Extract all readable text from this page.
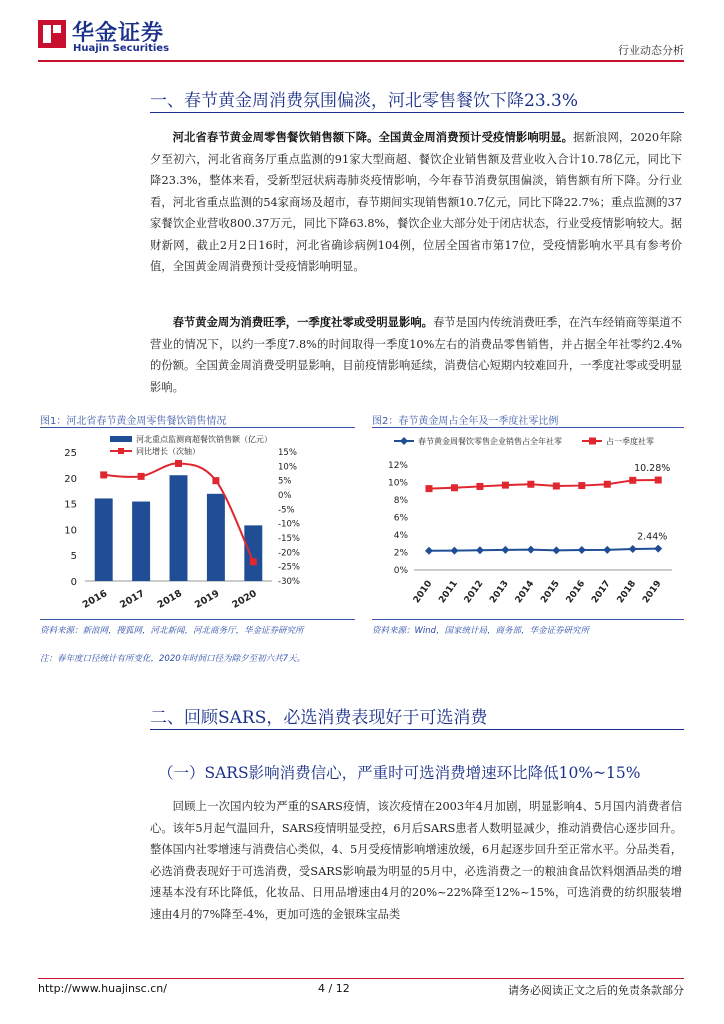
华金证券
Huajin Securities	行业动态分析
一、春节黄金周消费氛围偏淡，河北零售餐饮下降23.3%

河北省春节黄金周零售餐饮销售额下降。全国黄金周消费预计受疫情影响明显。据新浪网，2020年除夕至初六，河北省商务厅重点监测的91家大型商超、餐饮企业销售额及营业收入合计10.78亿元，同比下降23.3%，整体来看，受新型冠状病毒肺炎疫情影响，今年春节消费氛围偏淡，销售额有所下降。分行业看，河北省重点监测的54家商场及超市，春节期间实现销售额10.7亿元，同比下降22.7%；重点监测的37家餐饮企业营收800.37万元，同比下降63.8%，餐饮企业大部分处于闭店状态，行业受疫情影响较大。据财新网，截止2月2日16时，河北省确诊病例104例，位居全国省市第17位，受疫情影响水平具有参考价值，全国黄金周消费预计受疫情影响明显。

春节黄金周为消费旺季，一季度社零或受明显影响。春节是国内传统消费旺季，在汽车经销商等渠道不营业的情况下，以约一季度7.8%的时间取得一季度10%左右的消费品零售销售，并占据全年社零约2.4%的份额。全国黄金周消费受明显影响，目前疫情影响延续，消费信心短期内较难回升，一季度社零或受明显影响。

图1：河北省春节黄金周零售餐饮销售情况
0
5
10
15
20
25
-30%
-25%
-20%
-15%
-10%
-5%
0%
5%
10%
15%
2016 2017 2018 2019 2020
河北重点监测商超餐饮销售额（亿元）
同比增长（次轴）
资料来源：新浪网，搜狐网，河北新闻，河北商务厅，华金证券研究所
注：春年度口径统计有所变化，2020年时间口径为除夕至初六共7天。
图2：春节黄金周占全年及一季度社零比例
0%
2%
4%
6%
8%
10%
12%	10.28%
2.44%
2010 2011 2012 2013 2014 2015 2016 2017 2018 2019
春节黄金周餐饮零售企业销售占全年社零	占一季度社零
资料来源：Wind，国家统计局，商务部，华金证券研究所
二、回顾SARS，必选消费表现好于可选消费
（一）SARS影响消费信心，严重时可选消费增速环比降低10%~15%

回顾上一次国内较为严重的SARS疫情，该次疫情在2003年4月加剧，明显影响4、5月国内消费者信心。该年5月起气温回升，SARS疫情明显受控，6月后SARS患者人数明显减少，推动消费信心逐步回升。整体国内社零增速与消费信心类似，4、5月受疫情影响增速放缓，6月起逐步回升至正常水平。分品类看，必选消费表现好于可选消费，受SARS影响最为明显的5月中，必选消费之一的粮油食品饮料烟酒品类的增速基本没有环比降低，化妆品、日用品增速由4月的20%~22%降至12%~15%，可选消费的纺织服装增速由4月的7%降至-4%，更加可选的金银珠宝品类

http://www.huajinsc.cn/	4 / 12	请务必阅读正文之后的免责条款部分
